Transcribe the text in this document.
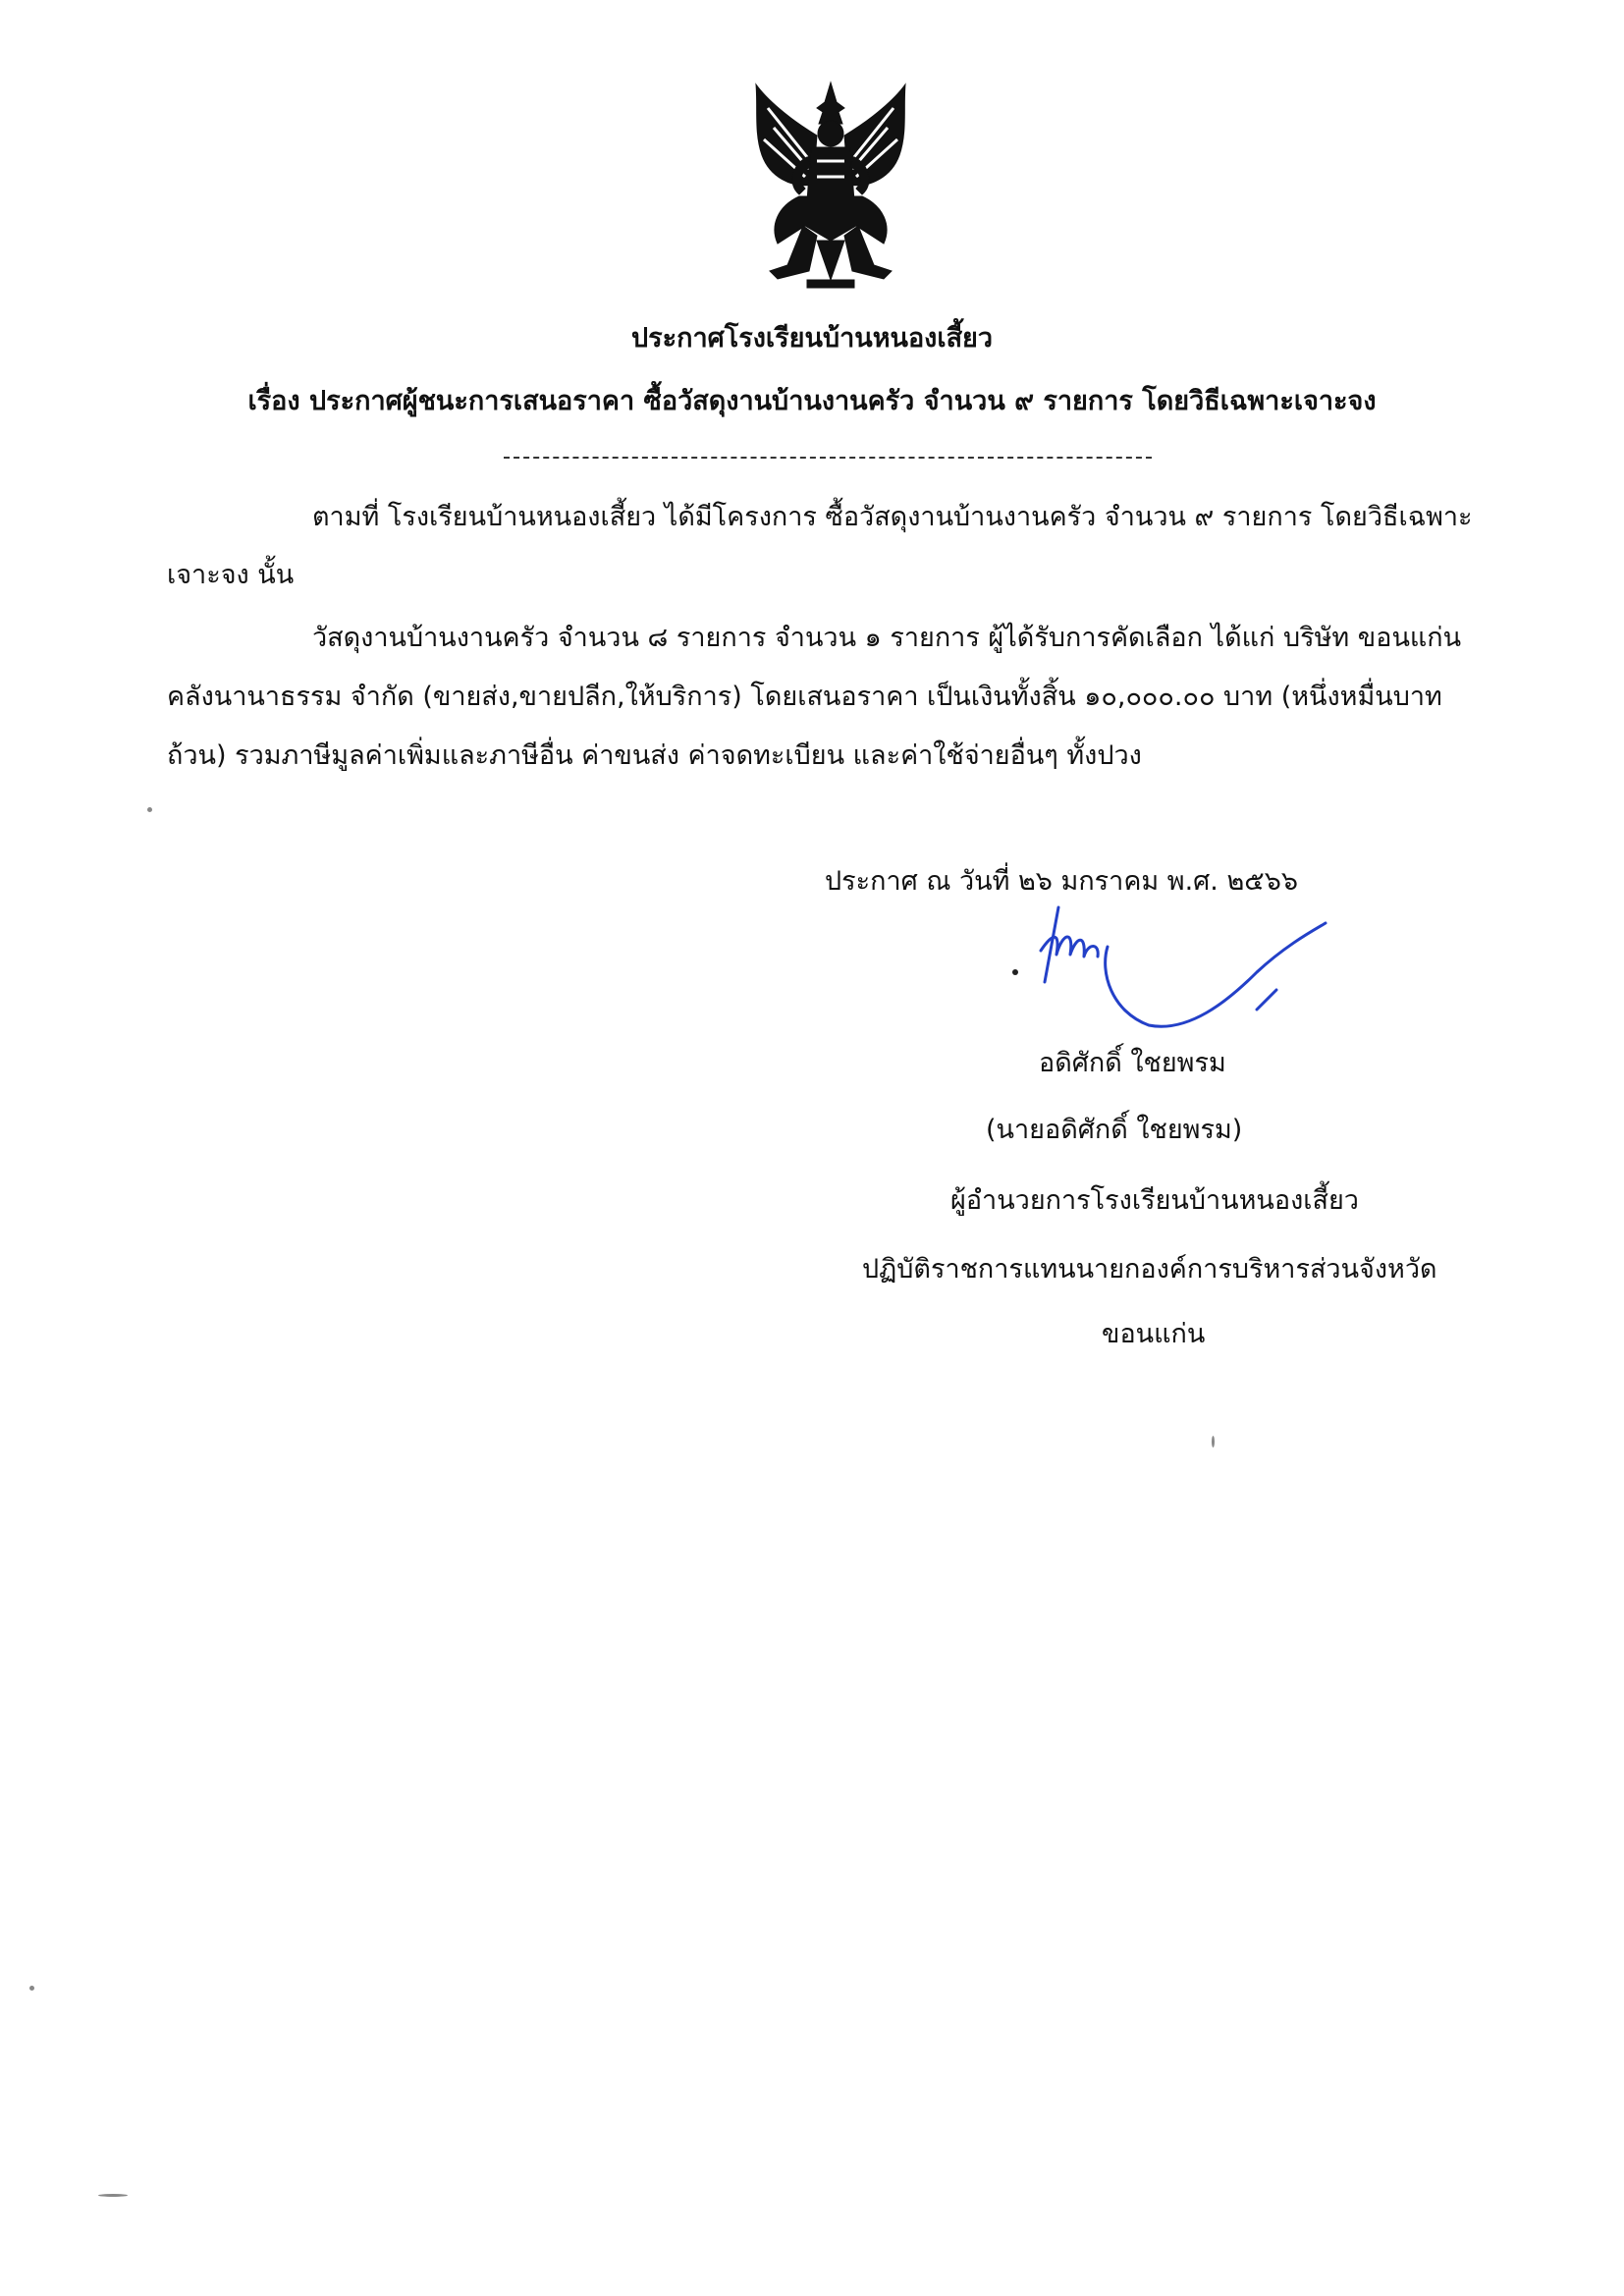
ประกาศโรงเรียนบ้านหนองเสี้ยว
เรื่อง ประกาศผู้ชนะการเสนอราคา ซื้อวัสดุงานบ้านงานครัว จำนวน ๙ รายการ โดยวิธีเฉพาะเจาะจง
ตามที่ โรงเรียนบ้านหนองเสี้ยว ได้มีโครงการ ซื้อวัสดุงานบ้านงานครัว จำนวน ๙ รายการ โดยวิธีเฉพาะ
เจาะจง นั้น
วัสดุงานบ้านงานครัว จำนวน ๘ รายการ จำนวน ๑ รายการ ผู้ได้รับการคัดเลือก ได้แก่ บริษัท ขอนแก่น
คลังนานาธรรม จำกัด (ขายส่ง,ขายปลีก,ให้บริการ) โดยเสนอราคา เป็นเงินทั้งสิ้น ๑๐,๐๐๐.๐๐ บาท (หนึ่งหมื่นบาท
ถ้วน) รวมภาษีมูลค่าเพิ่มและภาษีอื่น ค่าขนส่ง ค่าจดทะเบียน และค่าใช้จ่ายอื่นๆ ทั้งปวง
ประกาศ ณ วันที่ ๒๖ มกราคม พ.ศ. ๒๕๖๖
อดิศักดิ์ ใชยพรม
(นายอดิศักดิ์ ใชยพรม)
ผู้อำนวยการโรงเรียนบ้านหนองเสี้ยว
ปฏิบัติราชการแทนนายกองค์การบริหารส่วนจังหวัด
ขอนแก่น
